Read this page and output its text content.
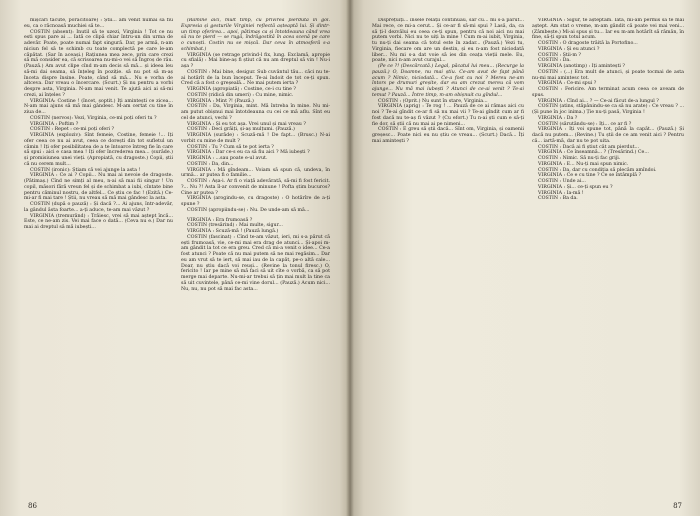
mișcări tăcute, porăcitoare) : Știi... am venit numai să fiu eu, ca o răcnoasă muchiei să te...

COSTIN (absent): Inutil să te uzezi, Virginia ! Tot ce nu esti spus pare ai ... Iată ce clipă chiar întru-un din urma de adevăr. Poate, poate numai fapt singură. Dar, pe armă, n-am niciun fel să te schimb cu toate complectă pe care le-am căpătat. (Sar în aceași.) Rațiunea mea zece, prin care crezi să mă consider ea, că scrisoarea nu-mi-o vei să Îngroș de rău. (Pauză.) Am avut clipe cînd m-am decis să mă... și ideea leu să-mi dai seama, să înțeleg în poziție. să nu pot să m-aș înceta dispre însine. Poate, când să mă... Nu e vorba de altceva. Dar vreau o încercare. (Scurt.) Și nu pentru a vorbi despre asta, Virginia. N-am mai venit. Te ajută aici ai să-mi crezi, ai înțeles ?

VIRGINIA: Costine ! (încet, șoptit.) Iți amintești ce zicea... N-am mai ajuns să mă mai gândesc. M-am certat cu tine în ziua de...

COSTIN (nervos): Vezi, Virginia, ce-mi poți oferi tu ?

VIRGINIA : Poftim ?

COSTIN : Repet : ce-mi poți oferi ?

VIRGINIA (exploziv): Sînt femeie, Costine, femeie !... Iți ofer ceea ce nu ai avut, ceea ce dorești din tot sufletul un cămin ! Iți ofer posibilitatea de a te întoarce întreg fie în care să spui : aici e casa mea ! Iți ofer încrederea mea... (surâde.) și promisiunea unei vieți. (Apropiată, cu dragoste.) Copii, știi că nu cerem mult...

COSTIN (ironic): Știam că vei ajunge la asta !

VIRGINIA : Ce ai ? Copii... Nu mai ai nevoie de dragoste. (Pătimaș.) Cînd ne simți al meu, n-ai să mai fii singur ! Un copil, măsori fără vreun fel și de schimbat a iubi, cîntate bine pentru căminul nostru, de altfel... Ce știu ce fac ! (Ezită.) Ce-mi-ar fi mai tare ! Știi, nu vreau să mă mai gândesc la asta.

COSTIN (după o pauză) : Și dacă ?... Ai ajuns, într-adevăr, la gândul ăsta foarte... a-ți aduce, te-am mai văzut ?

VIRGINIA (tremurând) : Trăiesc, vrei să mai aștept încă... Este, ce ne-am zis. Vei mai face o dată... (Ceva nu e.) Dar nu mai ai dreptul să mă iubești...

(Rămîne aici, mult timp, cu privirea pierdută în gol. Expresia și gesturile Virginiei reflectă așteaptă lui. Și dintr-un timp oferirea... apoi, pătimaș ca și întotdeauna când vrea să nu te pierd — se rugă, îndrăgostită în acea scenă pe care o cunoști. Costin nu se mișcă. Dar ceva în atmosferă s-a schimbat.)

VIRGINIA (se retrage privind-l fix, lung. Exclamă, apropie cu sfială) : Mai bine-aș fi știut că nu am dreptul să vin ! Nu-i așa ?

COSTIN : Mai bine, desigur. Sub cuvântul tău... căci nu te-ai hotărît de la bun început. Te-ai îndoit de tot ce-ți spun. Cred că a fost o greșeală... Ne mai putem ierta ?

VIRGINIA (apropiată) : Costine, ce-i cu tine ?

COSTIN (ridică din umeri) : Cu mine, nimic.

VIRGINIA : Mint ?! (Pauză.)

COSTIN : Da, Virginia, mint. Mă întreba în mine. Nu mi-am putut obișnui mai întotdeauna cu cei ce mă aflu. Sînt eu cel de atunci, vechi ?

VIRGINIA : Și eu tot așa. Vrei unul și mai vreau ?

COSTIN : Deci grăiți, și-aș mulțumi. (Pauză.)

VIRGINIA (surâde) : Scuză-mă ! De fapt... (Brusc.) N-ai vorbit cu mine de mult ?

COSTIN : Tu ? Cum să te pot ierta ?

VIRGINIA : Dar ce-s eu ca să fiu aici ? Mă iubești ?

VIRGINIA : ...sau poate e-ul avut.

COSTIN : Da, din...

VIRGINIA : Mă gîndeam... Voiam să spun că, undeva, în urmă... ar putea fi o familie...

COSTIN : Așa-i. Ar fi o viață adevărată, să-mi fi fost fericit. ?... Nu ?! Asta îl-ar convenit de minune ! Pofta știm bucuros? Cine ar putea ?

VIRGINIA (arogindu-se, cu dragoste) : O hotărîre de a-ți spune ?

COSTIN (apropiindu-se) : Nu. De unde-am să mă...

VIRGINIA : Era frumoasă ?

COSTIN (tresărind) : Mai multe, sigur...

VIRGINIA : Scuză-mă ! (Pauză lungă.)

COSTIN (fascinat) : Cînd te-am văzut, ieri, mi s-a părut că ești frumoasă, vie, ce-mi mai era drag de atunci... Și-apoi m-am gândit la tot ce era greu. Cred că mi-a venit o idee... Ce-a fost atunci ? Poate că nu mai putem să ne mai regăsim... Dar eu am vrut să te iert, să mai iau de la capăt, pe-o altă cale... Doar, nu știu dacă voi reuși... (Revine la tonul firesc.) O, fericito ! Iar pe mine să mă faci să uit cîte o vorbă, ca să pot merge mai departe. Nu-mi-ar trebui să țin mai mult la tine ca să uit cuvintele, până ce-mi vine dorul... (Pauză.) Acum nici... Nu, nu, nu pot să mai fac asta...

86

Disprețuiți... însele relații continuau, sar cu... mi s-a părut... Mai rece, ce mi-a cerut... Și ce-ar fi să-mi spui ? Lasă, da, ca să ți-l dezvălui eu ceea ce-ți spun, pentru că noi aici nu mai putem vorbi. Nici nu te uiți la mine ! Cum m-ai iubit, Virginia, tu nu-ți dai seama că totul este în zadar... (Pauză.) Vezi tu, Virginia, fiecare om are un destin, și eu n-am fost niciodată liber... Nu mi s-a dat voie să ies din ceața vieții mele. Eu, poate, nici n-am avut curajul...

(Pe ce ?! (Descărcată.) Legal, păcatul lui meu... (Recurge la pauză.) O, Doamne, nu mai știu. Ce-am avut de fapt până acum ? Nimic, niciodată... Ce-a fost cu noi ? Mereu ne-am întors pe drumuri greșite, dar eu am crezut mereu că vom ajunge... Nu mă mai iubești ? Atunci de ce-ai venit ? Te-ai temut ? Pauză... Între timp, m-am obișnuit cu gîndul...

COSTIN : (Oprit.) Nu sunt în stare, Virginia...

VIRGINIA (aprig) : Te rog ! ... Pauză de ce ai rămas aici cu noi ? Te-ai gîndit ce-ar fi să nu mai vii ? Te-ai gîndit cum ar fi fost dacă nu te-aș fi văzut ? (Cu efort.) Tu n-ai ști cum e să-ți fie dor, să știi că nu mai ai pe nimeni...

COSTIN : E greu să știi dacă... Sînt om, Virginia, și oamenii greșesc... Poate nici eu nu știu ce vreau... (Scurt.) Dacă... Îți mai amintești ?

VIRGINIA : Sigur, te așteptam. Iată, mi-am permis să te mai aștept. Am stat o vreme, m-am gândit că poate vei mai veni... (Zâmbește.) Mi-ai spus și tu... Iar eu m-am hotărît să rămân, în fine, să-ți spun totul acum.

COSTIN : O dragoste trăită la Portofino...

VIRGINIA : Și eu atunci ?

COSTIN : Știi-m ?

COSTIN : Da.

VIRGINIA (anotimp) : Iți amintești ?

COSTIN : (...) Era mult de atunci, și poate tocmai de asta nu-mi mai amintesc tot.

VIRGINIA : Ce-mi spui ?

COSTIN : Fericire. Am terminat acum ceea ce aveam de spus.

VIRGINIA : Cînd ai... ? — Ce-ai făcut de-a lungul ?

COSTIN (atins, stăpânindu-se ca să nu arate) : Ce vreau ? ... (Și pune în joc inima.) Ție nu-ți pasă, Virginia !

VIRGINIA : Da ?

COSTIN (sărutându-se) : Iți... ce ar fi ?

VIRGINIA : Iți voi spune tot, până la capăt... (Pauză.) Și dacă nu putem... (Revine.) Tu știi de ce am venit aici ? Pentru că... iartă-mă, dar nu te pot uita.

COSTIN : Dacă ai fi știut cât am pierdut...

VIRGINIA : Ce înseamnă... ? (Tresărind.) Ce...

COSTIN : Nimic. Să nu-ți fac griji.

VIRGINIA : E... Nu-ți mai spun nimic.

COSTIN : Da, dar cu condiția să plecăm amîndoi.

VIRGINIA : Ce e cu tine ? Ce se întâmplă ?

COSTIN : Unde ai...

VIRGINIA : Și... ce-ți spun eu ?

VIRGINIA : Ia-mă !

COSTIN : Ba da.

87
